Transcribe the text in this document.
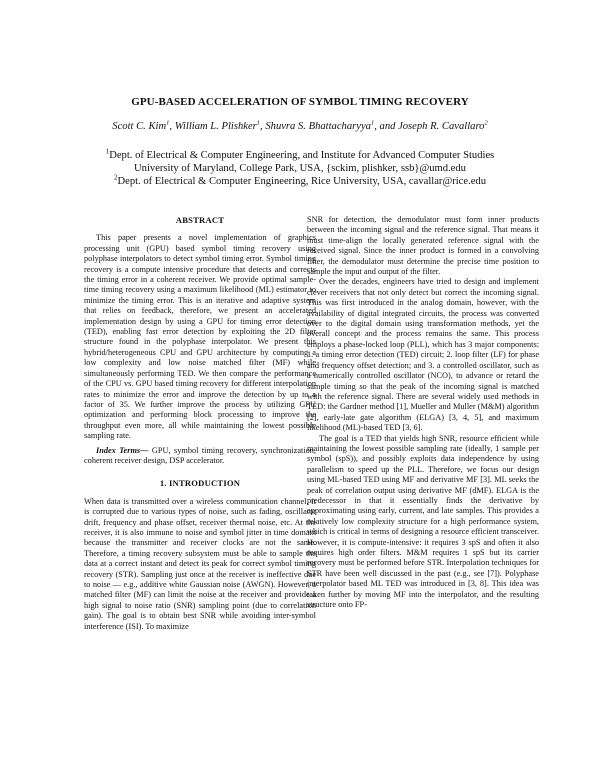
GPU-BASED ACCELERATION OF SYMBOL TIMING RECOVERY
Scott C. Kim$^1$, William L. Plishker$^1$, Shuvra S. Bhattacharyya$^1$, and Joseph R. Cavallaro$^2$
$^1$Dept. of Electrical & Computer Engineering, and Institute for Advanced Computer Studies
University of Maryland, College Park, USA, {sckim, plishker, ssb}@umd.edu
$^2$Dept. of Electrical & Computer Engineering, Rice University, USA, cavallar@rice.edu
ABSTRACT

This paper presents a novel implementation of graphics processing unit (GPU) based symbol timing recovery using polyphase interpolators to detect symbol timing error. Symbol timing recovery is a compute intensive procedure that detects and corrects the timing error in a coherent receiver. We provide optimal sample-time timing recovery using a maximum likelihood (ML) estimator to minimize the timing error. This is an iterative and adaptive system that relies on feedback, therefore, we present an accelerated implementation design by using a GPU for timing error detection (TED), enabling fast error detection by exploiting the 2D filter structure found in the polyphase interpolator. We present this hybrid/heterogeneous CPU and GPU architecture by computing a low complexity and low noise matched filter (MF) while simultaneously performing TED. We then compare the performance of the CPU vs. GPU based timing recovery for different interpolation rates to minimize the error and improve the detection by up to a factor of 35. We further improve the process by utilizing GPU optimization and performing block processing to improve the throughput even more, all while maintaining the lowest possible sampling rate.

Index Terms— GPU, symbol timing recovery, synchronization, coherent receiver design, DSP accelerator.

1. INTRODUCTION

When data is transmitted over a wireless communication channel, it is corrupted due to various types of noise, such as fading, oscillator drift, frequency and phase offset, receiver thermal noise, etc. At the receiver, it is also immune to noise and symbol jitter in time domain because the transmitter and receiver clocks are not the same. Therefore, a timing recovery subsystem must be able to sample the data at a correct instant and detect its peak for correct symbol timing recovery (STR). Sampling just once at the receiver is ineffective due to noise — e.g., additive white Gaussian noise (AWGN). However, a matched filter (MF) can limit the noise at the receiver and provide a high signal to noise ratio (SNR) sampling point (due to correlation gain). The goal is to obtain best SNR while avoiding inter-symbol interference (ISI). To maximize

SNR for detection, the demodulator must form inner products between the incoming signal and the reference signal. That means it must time-align the locally generated reference signal with the received signal. Since the inner product is formed in a convolving filter, the demodulator must determine the precise time position to sample the input and output of the filter.

Over the decades, engineers have tried to design and implement clever receivers that not only detect but correct the incoming signal. This was first introduced in the analog domain, however, with the availability of digital integrated circuits, the process was converted over to the digital domain using transformation methods, yet the overall concept and the process remains the same. This process employs a phase-locked loop (PLL), which has 3 major components: 1. a timing error detection (TED) circuit; 2. loop filter (LF) for phase and frequency offset detection; and 3. a controlled oscillator, such as a numerically controlled oscillator (NCO), to advance or retard the sample timing so that the peak of the incoming signal is matched with the reference signal. There are several widely used methods in TED: the Gardner method [1], Mueller and Muller (M&M) algorithm [2], early-late gate algorithm (ELGA) [3, 4, 5], and maximum likelihood (ML)-based TED [3, 6].

The goal is a TED that yields high SNR, resource efficient while maintaining the lowest possible sampling rate (ideally, 1 sample per symbol (spS)), and possibly exploits data independence by using parallelism to speed up the PLL. Therefore, we focus our design using ML-based TED using MF and derivative MF [3]. ML seeks the peak of correlation output using derivative MF (dMF). ELGA is the predecessor in that it essentially finds the derivative by approximating using early, current, and late samples. This provides a relatively low complexity structure for a high performance system, which is critical in terms of designing a resource efficient transceiver. However, it is compute-intensive: it requires 3 spS and often it also requires high order filters. M&M requires 1 spS but its carrier recovery must be performed before STR. Interpolation techniques for STR have been well discussed in the past (e.g., see [7]). Polyphase interpolator based ML TED was introduced in [3, 8]. This idea was taken further by moving MF into the interpolator, and the resulting structure onto FP-
